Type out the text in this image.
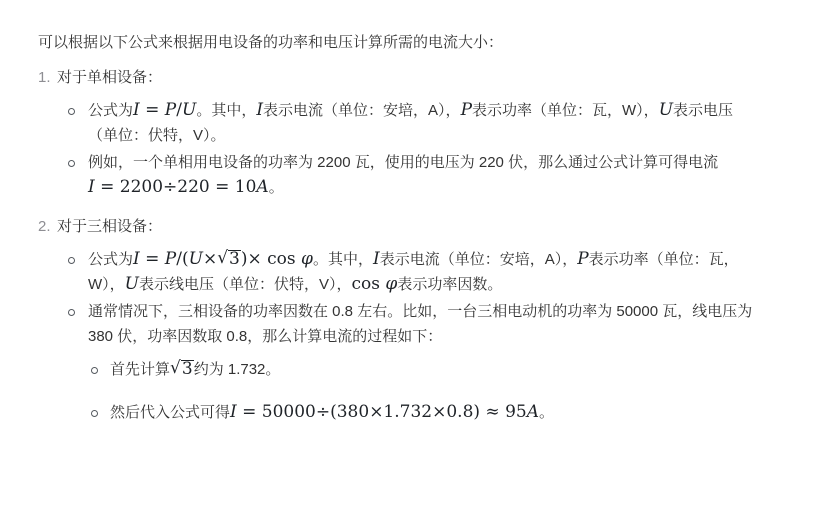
可以根据以下公式来根据用电设备的功率和电压计算所需的电流大小：

1. 对于单相设备：
公式为I = P/U。其中，I表示电流（单位：安培，A），P表示功率（单位：瓦，W），U表示电压
（单位：伏特，V）。
例如，一个单相用电设备的功率为 2200 瓦，使用的电压为 220 伏，那么通过公式计算可得电流
I = 2200÷220 = 10A。
2. 对于三相设备：
公式为I = P/(U×√3)× cos φ。其中，I表示电流（单位：安培，A），P表示功率（单位：瓦，
W），U表示线电压（单位：伏特，V），cos φ表示功率因数。
通常情况下，三相设备的功率因数在 0.8 左右。比如，一台三相电动机的功率为 50000 瓦，线电压为
380 伏，功率因数取 0.8，那么计算电流的过程如下：
首先计算√3约为 1.732。
然后代入公式可得I = 50000÷(380×1.732×0.8) ≈ 95A。
